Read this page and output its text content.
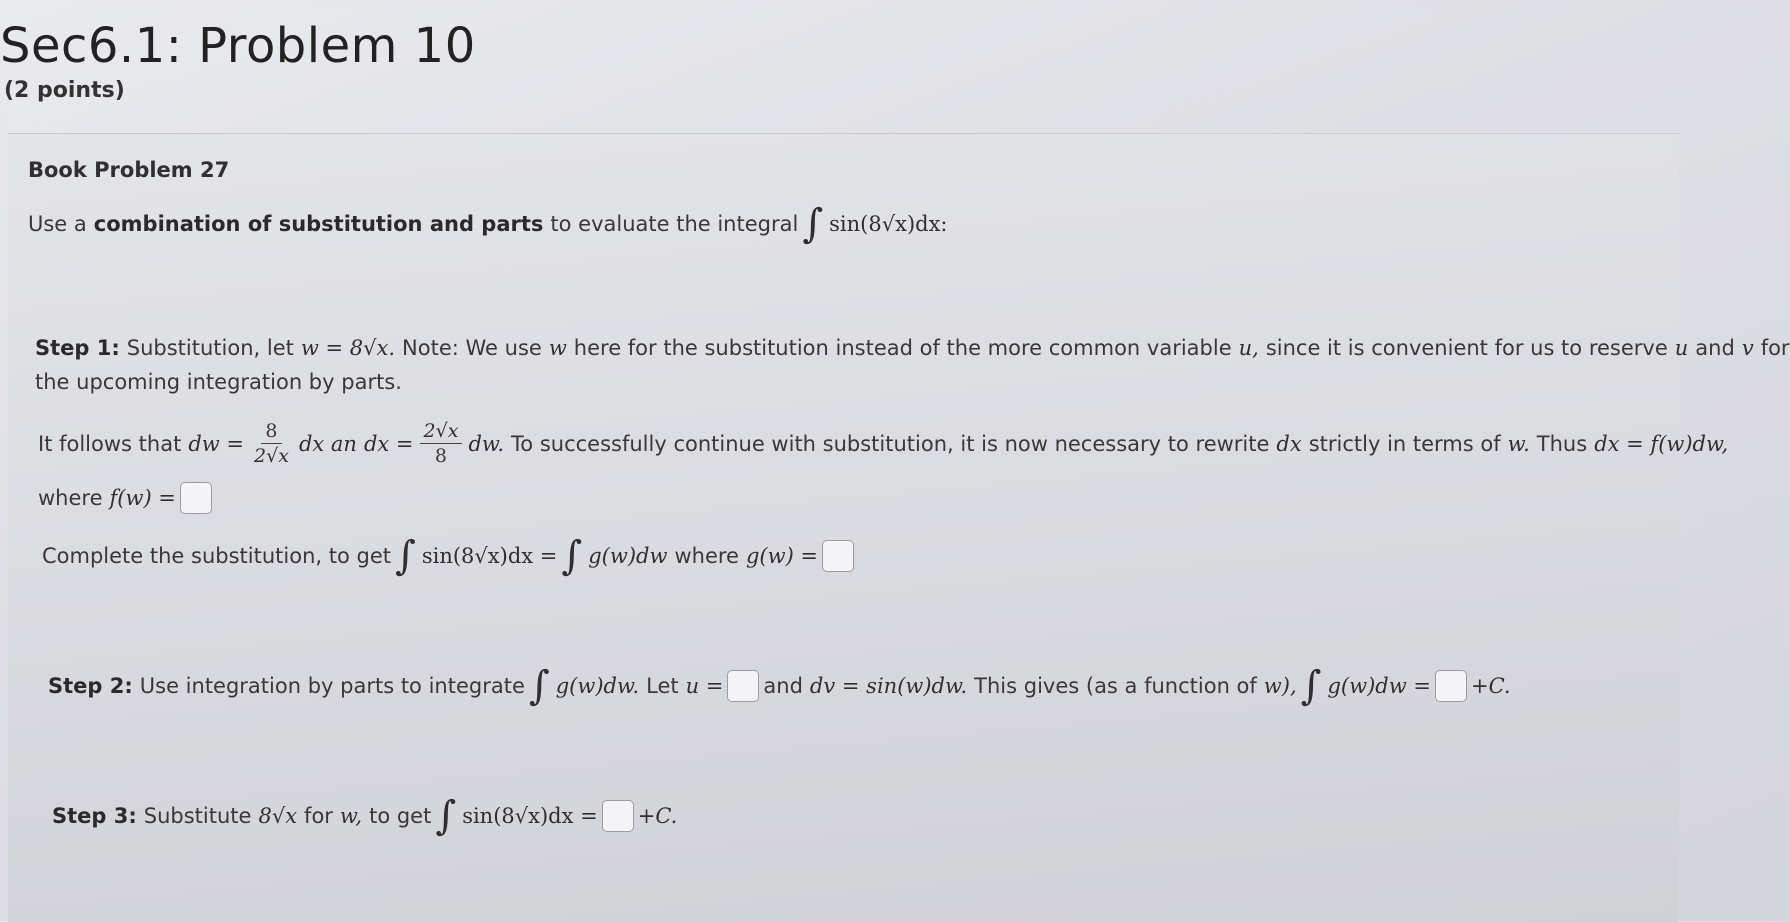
Sec6.1: Problem 10
(2 points)
Book Problem 27
Use a combination of substitution and parts to evaluate the integral ∫ sin(8√x)dx:
Step 1: Substitution, let w = 8√x. Note: We use w here for the substitution instead of the more common variable u, since it is convenient for us to reserve u and v for
the upcoming integration by parts.
It follows that dw = $\frac{8}{2√x}$ dx an dx = $\frac{2√x}{8}$ dw. To successfully continue with substitution, it is now necessary to rewrite dx strictly in terms of w. Thus dx = f(w)dw,
where f(w) =
Complete the substitution, to get ∫ sin(8√x)dx = ∫ g(w)dw where g(w) =
Step 2: Use integration by parts to integrate ∫ g(w)dw. Let u = and dv = sin(w)dw. This gives (as a function of w), ∫ g(w)dw = +C.
Step 3: Substitute 8√x for w, to get ∫ sin(8√x)dx = +C.
